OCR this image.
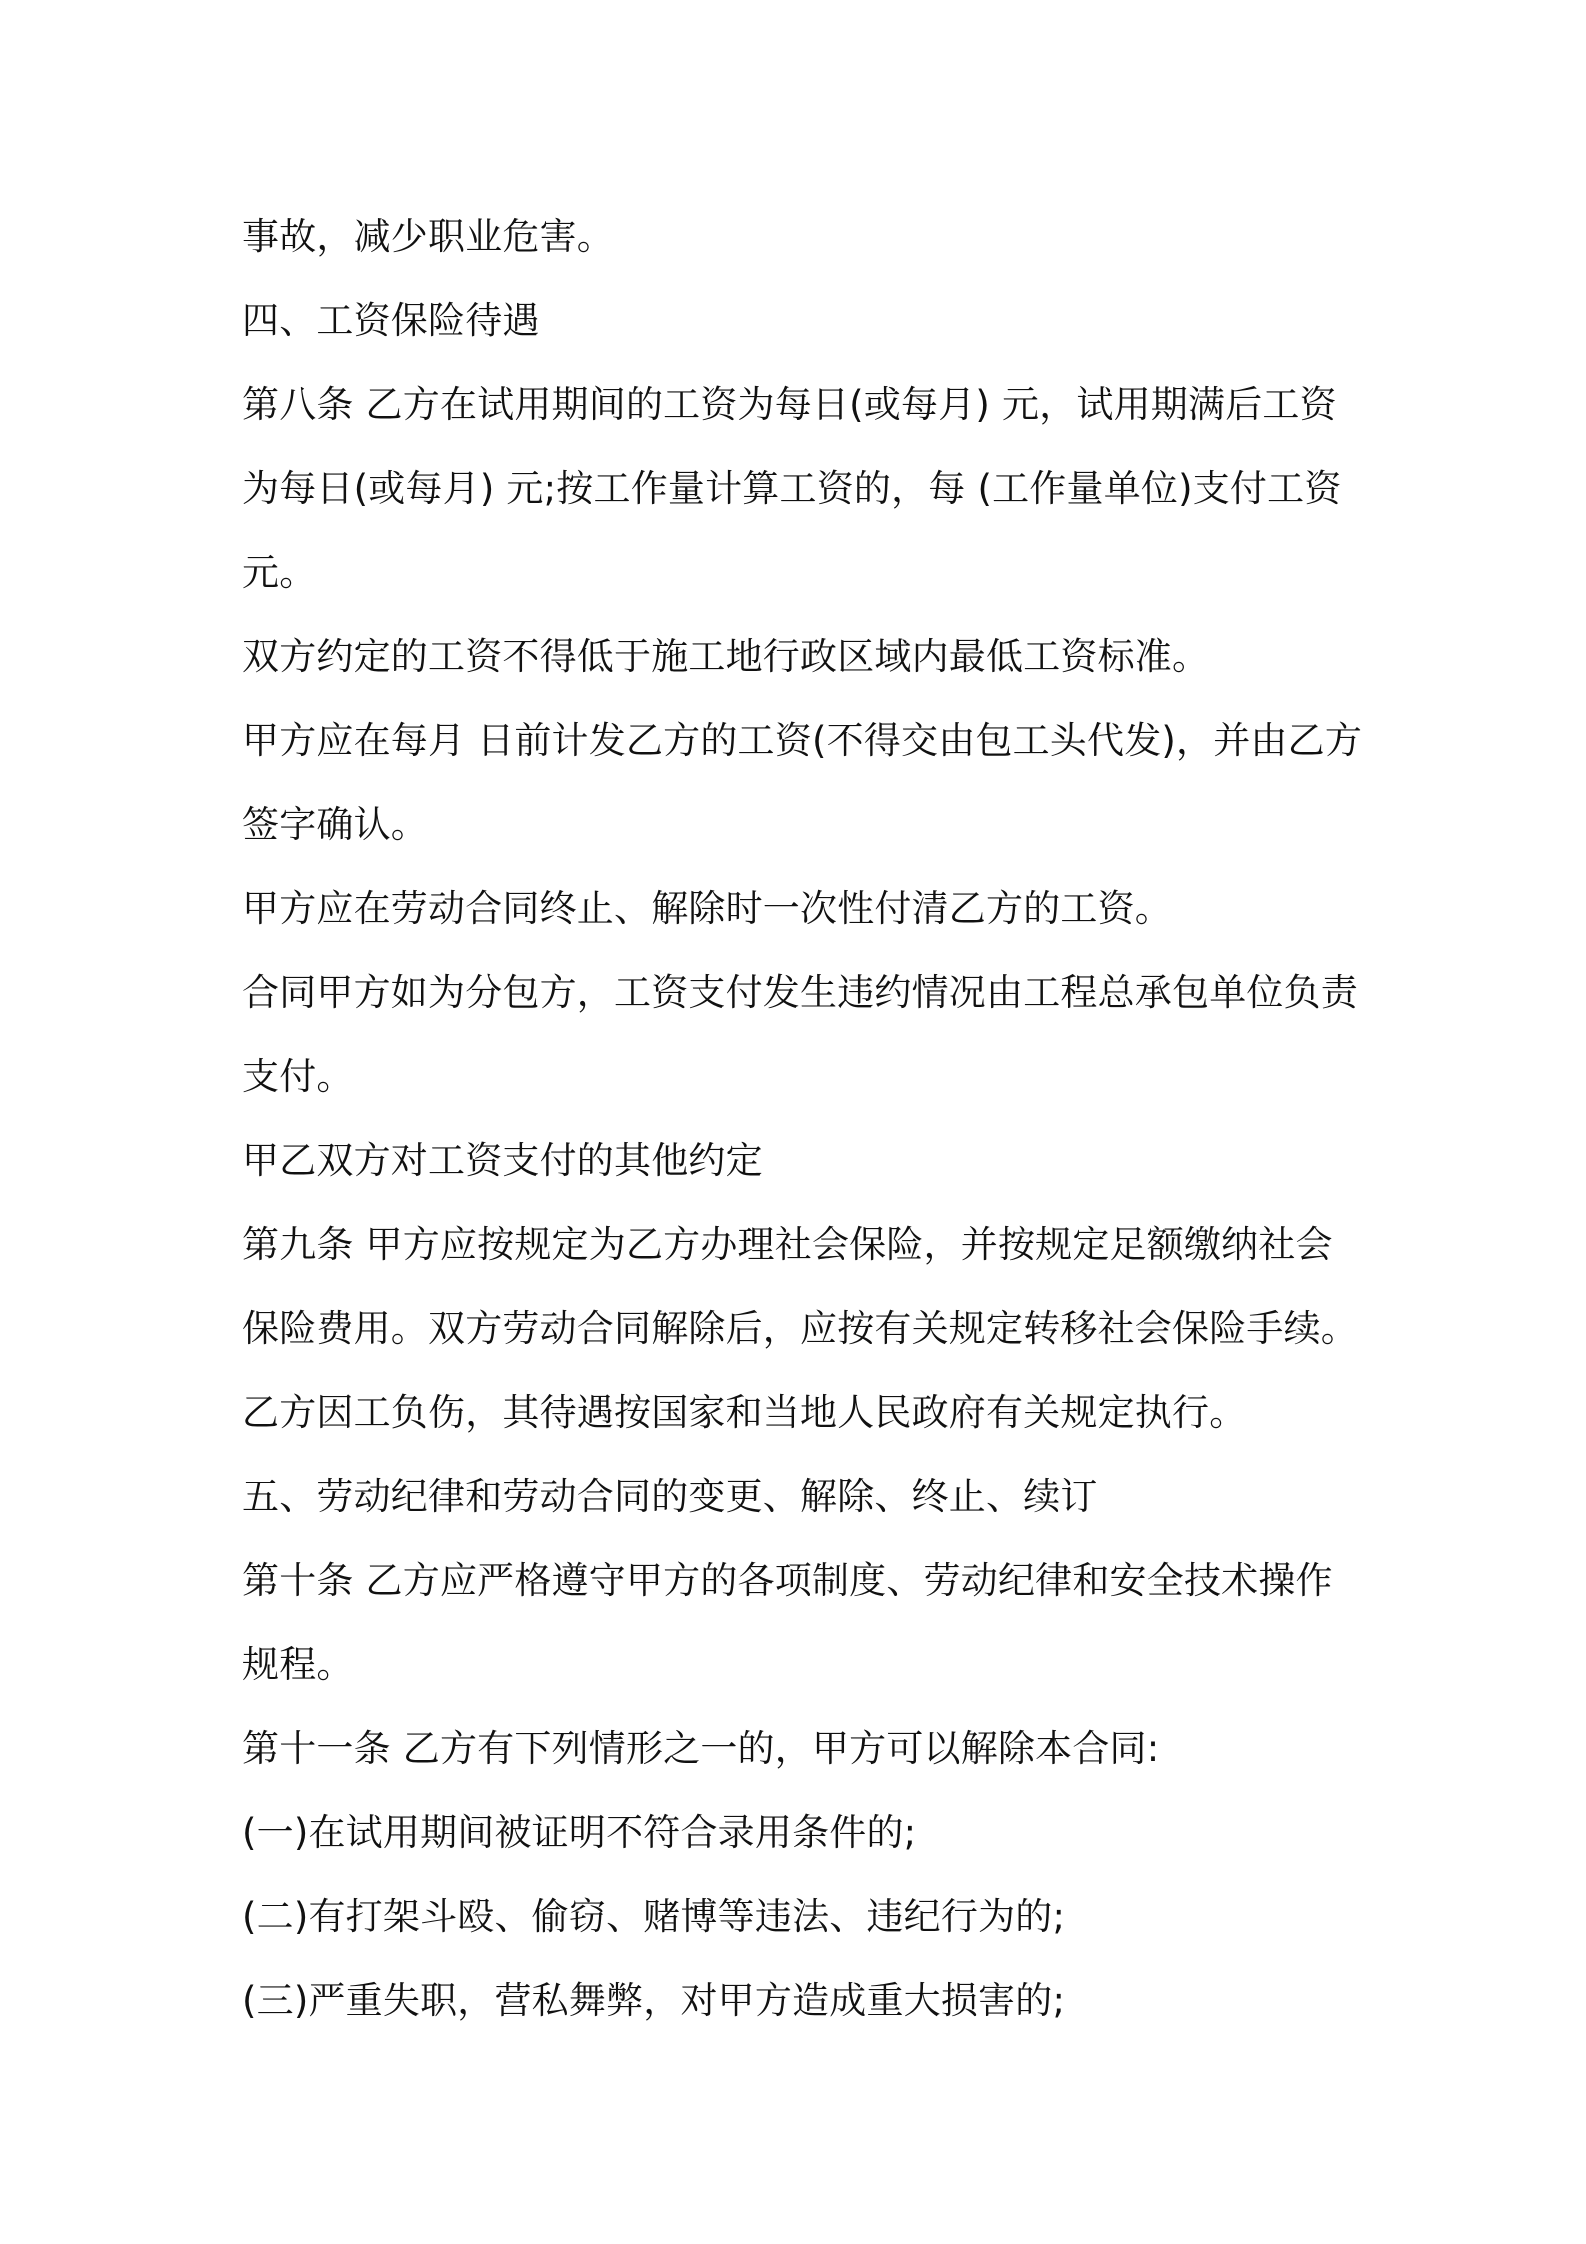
事故，减少职业危害。

四、工资保险待遇

第八条 乙方在试用期间的工资为每日(或每月) 元，试用期满后工资为每日(或每月) 元;按工作量计算工资的，每 (工作量单位)支付工资 元。

双方约定的工资不得低于施工地行政区域内最低工资标准。

甲方应在每月 日前计发乙方的工资(不得交由包工头代发)，并由乙方签字确认。

甲方应在劳动合同终止、解除时一次性付清乙方的工资。

合同甲方如为分包方，工资支付发生违约情况由工程总承包单位负责支付。

甲乙双方对工资支付的其他约定

第九条 甲方应按规定为乙方办理社会保险，并按规定足额缴纳社会保险费用。双方劳动合同解除后，应按有关规定转移社会保险手续。

乙方因工负伤，其待遇按国家和当地人民政府有关规定执行。

五、劳动纪律和劳动合同的变更、解除、终止、续订

第十条 乙方应严格遵守甲方的各项制度、劳动纪律和安全技术操作规程。

第十一条 乙方有下列情形之一的，甲方可以解除本合同:

(一)在试用期间被证明不符合录用条件的;

(二)有打架斗殴、偷窃、赌博等违法、违纪行为的;

(三)严重失职，营私舞弊，对甲方造成重大损害的;
